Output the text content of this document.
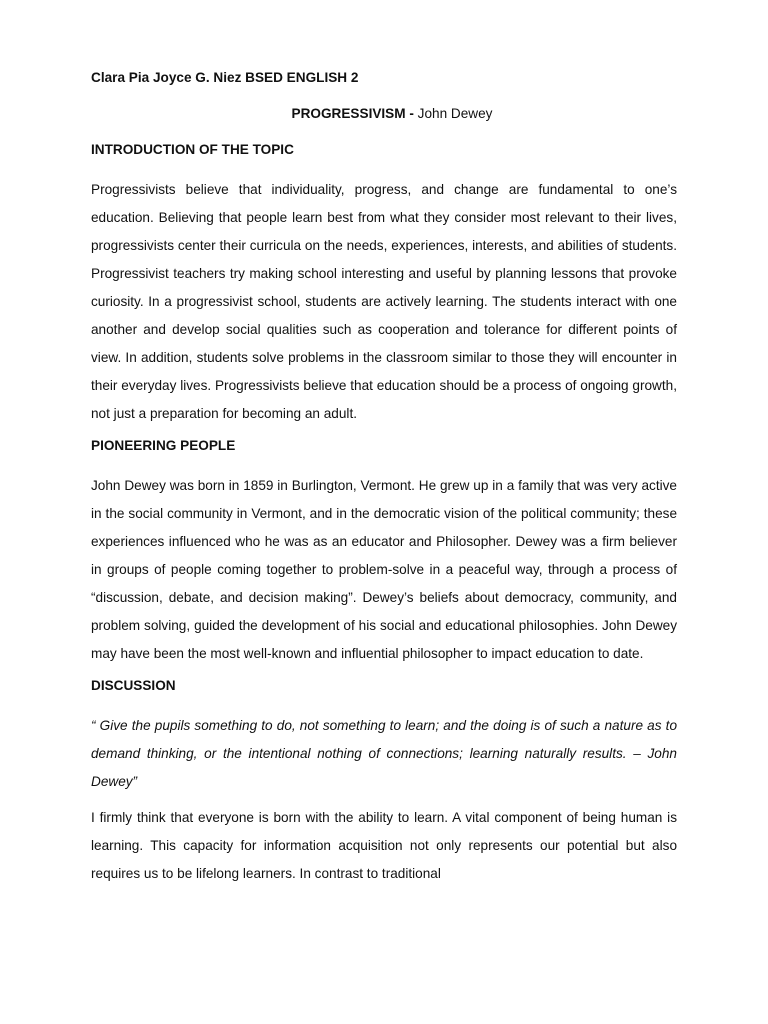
Clara Pia Joyce G. Niez BSED ENGLISH 2
PROGRESSIVISM - John Dewey
INTRODUCTION OF THE TOPIC

Progressivists believe that individuality, progress, and change are fundamental to one’s education. Believing that people learn best from what they consider most relevant to their lives, progressivists center their curricula on the needs, experiences, interests, and abilities of students. Progressivist teachers try making school interesting and useful by planning lessons that provoke curiosity. In a progressivist school, students are actively learning. The students interact with one another and develop social qualities such as cooperation and tolerance for different points of view. In addition, students solve problems in the classroom similar to those they will encounter in their everyday lives. Progressivists believe that education should be a process of ongoing growth, not just a preparation for becoming an adult.

PIONEERING PEOPLE

John Dewey was born in 1859 in Burlington, Vermont. He grew up in a family that was very active in the social community in Vermont, and in the democratic vision of the political community; these experiences influenced who he was as an educator and Philosopher. Dewey was a firm believer in groups of people coming together to problem-solve in a peaceful way, through a process of “discussion, debate, and decision making”. Dewey’s beliefs about democracy, community, and problem solving, guided the development of his social and educational philosophies. John Dewey may have been the most well-known and influential philosopher to impact education to date.

DISCUSSION

“ Give the pupils something to do, not something to learn; and the doing is of such a nature as to demand thinking, or the intentional nothing of connections; learning naturally results. – John Dewey”

I firmly think that everyone is born with the ability to learn. A vital component of being human is learning. This capacity for information acquisition not only represents our potential but also requires us to be lifelong learners. In contrast to traditional
